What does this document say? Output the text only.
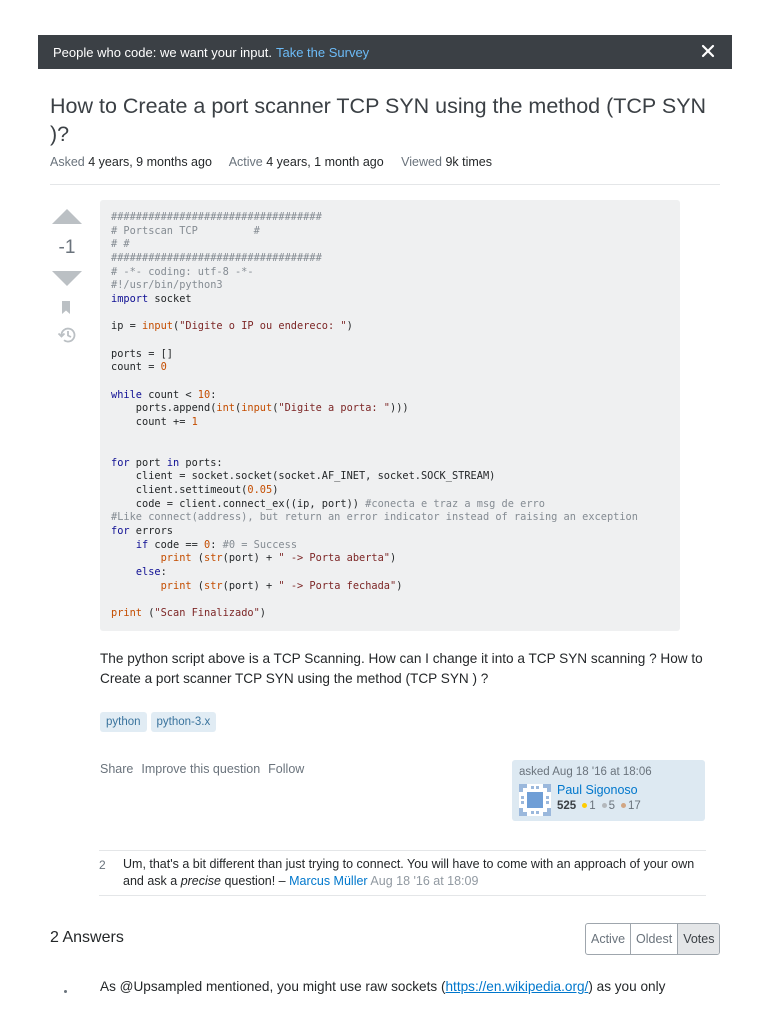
People who code: we want your input. Take the Survey
How to Create a port scanner TCP SYN using the method (TCP SYN )?
Asked 4 years, 9 months ago Active 4 years, 1 month ago Viewed 9k times
-1
##################################
# Portscan TCP         #
# #
##################################
# -*- coding: utf-8 -*-
#!/usr/bin/python3
import socket

ip = input("Digite o IP ou endereco: ")

ports = []
count = 0

while count < 10:
ports.append(int(input("Digite a porta: ")))
count += 1

for port in ports:
client = socket.socket(socket.AF_INET, socket.SOCK_STREAM)
client.settimeout(0.05)
code = client.connect_ex((ip, port)) #conecta e traz a msg de erro
#Like connect(address), but return an error indicator instead of raising an exception
for errors
if code == 0: #0 = Success
print (str(port) + " -> Porta aberta")
else:
print (str(port) + " -> Porta fechada")

print ("Scan Finalizado")
The python script above is a TCP Scanning. How can I change it into a TCP SYN scanning ? How to Create a port scanner TCP SYN using the method (TCP SYN ) ?
python	python-3.x
Share Improve this question Follow	asked Aug 18 '16 at 18:06
Paul Sigonoso
525 1 5 17
2 Um, that's a bit different than just trying to connect. You will have to come with an approach of your own and ask a precise question! – Marcus Müller Aug 18 '16 at 18:09
2 Answers	Active Oldest Votes
As @Upsampled mentioned, you might use raw sockets (https://en.wikipedia.org/) as you only
